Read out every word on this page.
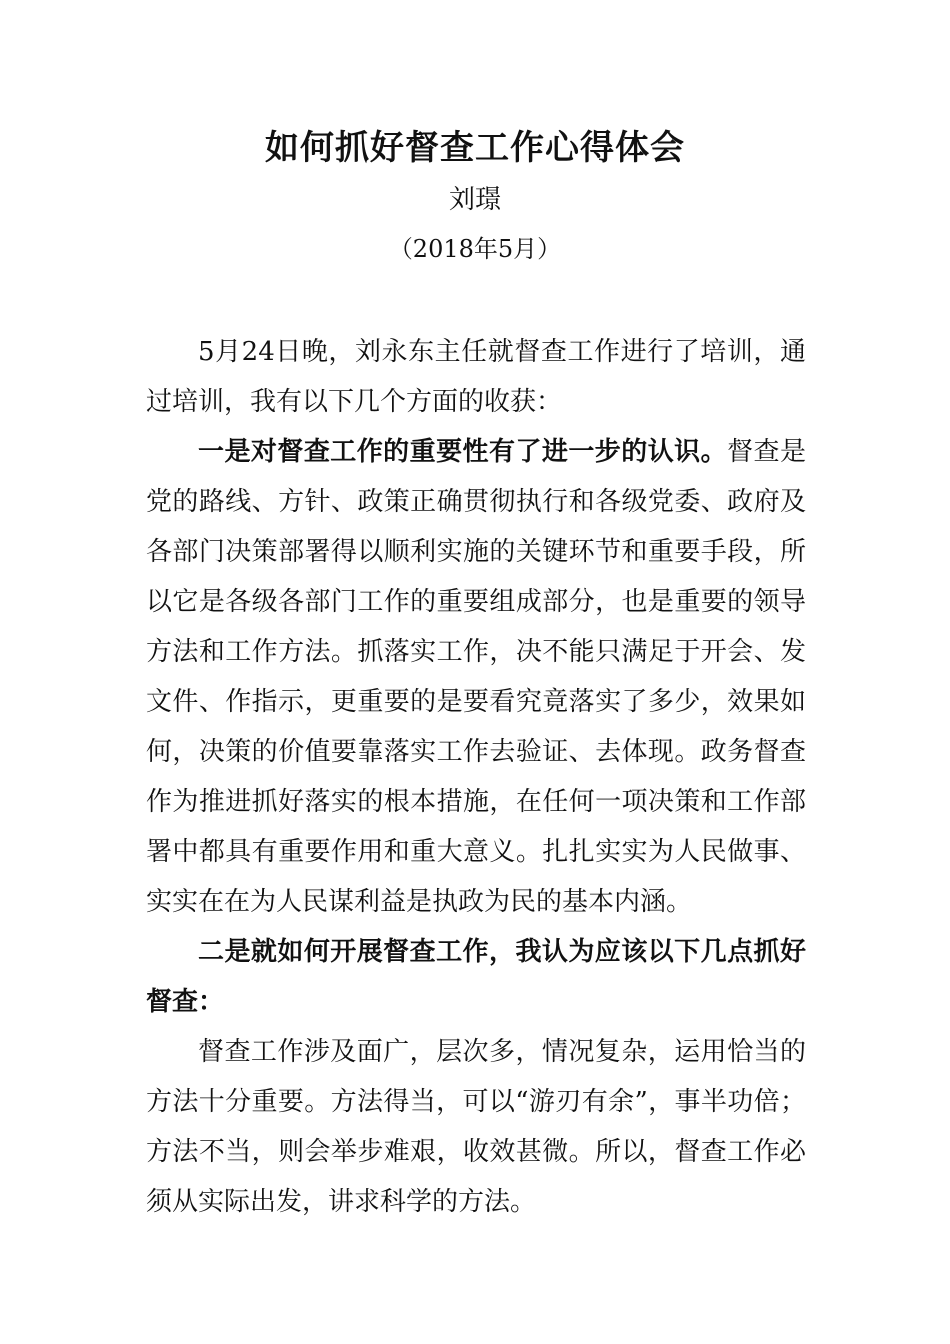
如何抓好督查工作心得体会
刘璟
（2018年5月）

5月24日晚，刘永东主任就督查工作进行了培训，通过培训，我有以下几个方面的收获：

一是对督查工作的重要性有了进一步的认识。督查是党的路线、方针、政策正确贯彻执行和各级党委、政府及各部门决策部署得以顺利实施的关键环节和重要手段，所以它是各级各部门工作的重要组成部分，也是重要的领导方法和工作方法。抓落实工作，决不能只满足于开会、发文件、作指示，更重要的是要看究竟落实了多少，效果如何，决策的价值要靠落实工作去验证、去体现。政务督查作为推进抓好落实的根本措施，在任何一项决策和工作部署中都具有重要作用和重大意义。扎扎实实为人民做事、实实在在为人民谋利益是执政为民的基本内涵。

二是就如何开展督查工作，我认为应该以下几点抓好督查：

督查工作涉及面广，层次多，情况复杂，运用恰当的方法十分重要。方法得当，可以“游刃有余”，事半功倍；方法不当，则会举步难艰，收效甚微。所以，督查工作必须从实际出发，讲求科学的方法。
